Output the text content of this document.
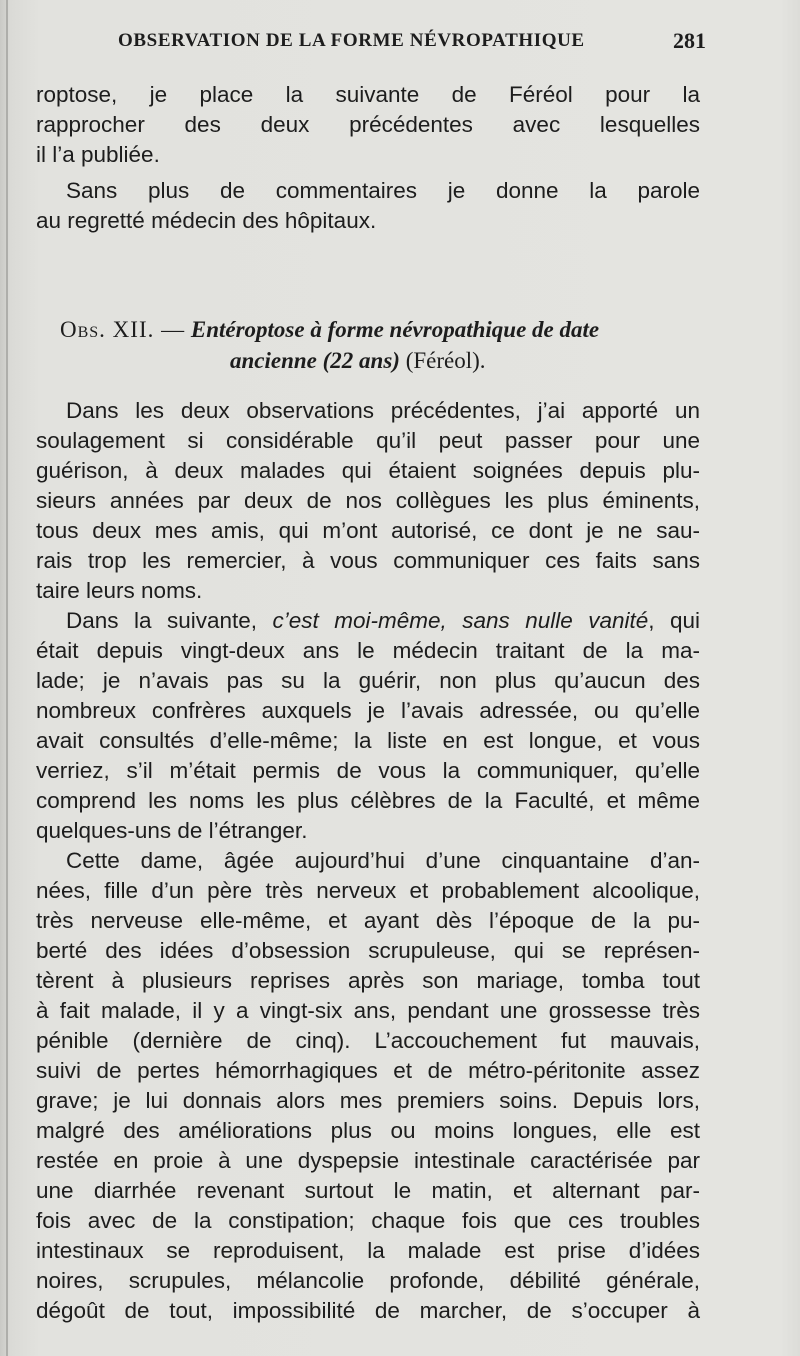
OBSERVATION DE LA FORME NÉVROPATHIQUE	281
roptose, je place la suivante de Féréol pour la
rapprocher des deux précédentes avec lesquelles
il l’a publiée.
Sans plus de commentaires je donne la parole
au regretté médecin des hôpitaux.
Obs. XII. — Entéroptose à forme névropathique de date
ancienne (22 ans) (Féréol).
Dans les deux observations précédentes, j’ai apporté un
soulagement si considérable qu’il peut passer pour une
guérison, à deux malades qui étaient soignées depuis plu-
sieurs années par deux de nos collègues les plus éminents,
tous deux mes amis, qui m’ont autorisé, ce dont je ne sau-
rais trop les remercier, à vous communiquer ces faits sans
taire leurs noms.
Dans la suivante, c’est moi-même, sans nulle vanité, qui
était depuis vingt-deux ans le médecin traitant de la ma-
lade; je n’avais pas su la guérir, non plus qu’aucun des
nombreux confrères auxquels je l’avais adressée, ou qu’elle
avait consultés d’elle-même; la liste en est longue, et vous
verriez, s’il m’était permis de vous la communiquer, qu’elle
comprend les noms les plus célèbres de la Faculté, et même
quelques-uns de l’étranger.
Cette dame, âgée aujourd’hui d’une cinquantaine d’an-
nées, fille d’un père très nerveux et probablement alcoolique,
très nerveuse elle-même, et ayant dès l’époque de la pu-
berté des idées d’obsession scrupuleuse, qui se représen-
tèrent à plusieurs reprises après son mariage, tomba tout
à fait malade, il y a vingt-six ans, pendant une grossesse très
pénible (dernière de cinq). L’accouchement fut mauvais,
suivi de pertes hémorrhagiques et de métro-péritonite assez
grave; je lui donnais alors mes premiers soins. Depuis lors,
malgré des améliorations plus ou moins longues, elle est
restée en proie à une dyspepsie intestinale caractérisée par
une diarrhée revenant surtout le matin, et alternant par-
fois avec de la constipation; chaque fois que ces troubles
intestinaux se reproduisent, la malade est prise d’idées
noires, scrupules, mélancolie profonde, débilité générale,
dégoût de tout, impossibilité de marcher, de s’occuper à
